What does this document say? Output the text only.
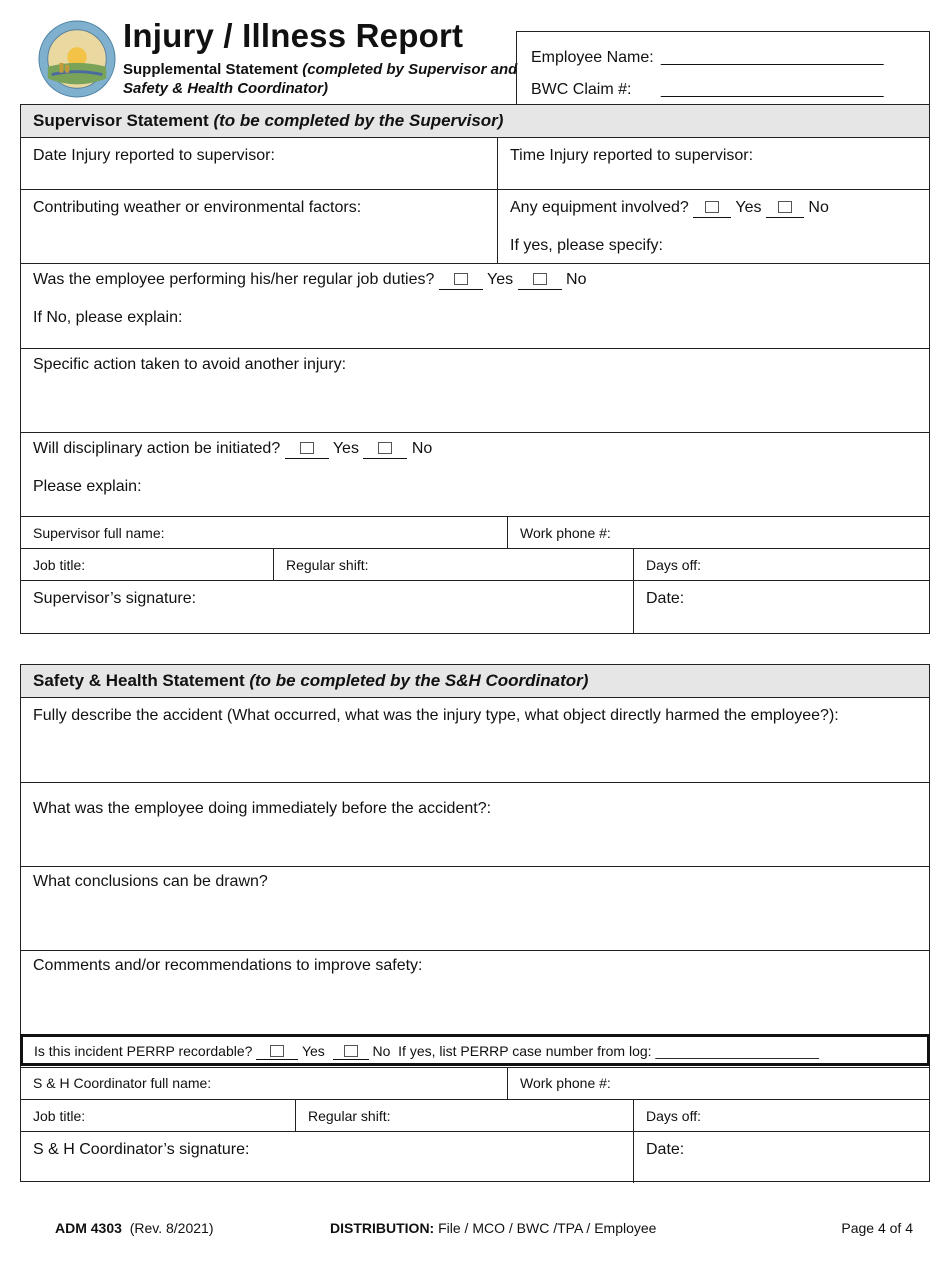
Injury / Illness Report
Supplemental Statement (completed by Supervisor and Safety & Health Coordinator)
Employee Name: _________________________
BWC Claim #: _________________________
Supervisor Statement (to be completed by the Supervisor)
Date Injury reported to supervisor:	Time Injury reported to supervisor:
Contributing weather or environmental factors:	Any equipment involved?	Yes	No
If yes, please specify:
Was the employee performing his/her regular job duties?	Yes	No
If No, please explain:
Specific action taken to avoid another injury:
Will disciplinary action be initiated?	Yes	No
Please explain:
Supervisor full name:	Work phone #:
Job title:	Regular shift:	Days off:
Supervisor’s signature:	Date:
Safety & Health Statement (to be completed by the S&H Coordinator)
Fully describe the accident (What occurred, what was the injury type, what object directly harmed the employee?):
What was the employee doing immediately before the accident?:
What conclusions can be drawn?
Comments and/or recommendations to improve safety:
S & H Coordinator full name:	Work phone #:
Job title:	Regular shift:	Days off:
S & H Coordinator’s signature:	Date:
Is this incident PERRP recordable?	Yes	No If yes, list PERRP case number from log: _____________________
ADM 4303 (Rev. 8/2021)	DISTRIBUTION: File / MCO / BWC /TPA / Employee	Page 4 of 4
